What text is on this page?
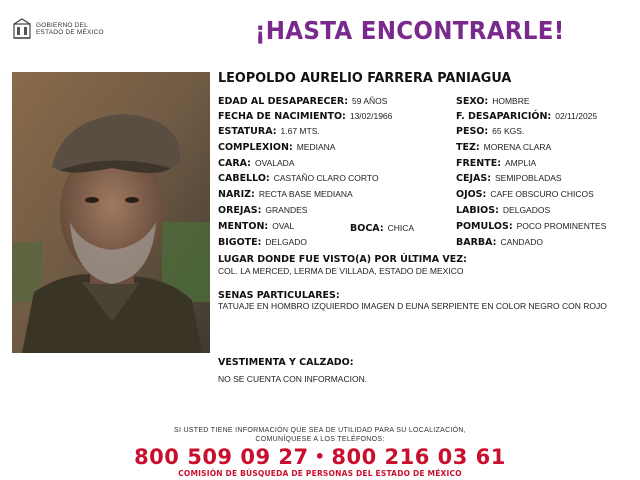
GOBIERNO DEL
ESTADO DE MÉXICO	¡HASTA ENCONTRARLE!
LEOPOLDO AURELIO FARRERA PANIAGUA
EDAD AL DESAPARECER: 59 AÑOS
FECHA DE NACIMIENTO: 13/02/1966
ESTATURA: 1.67 MTS.
COMPLEXION: MEDIANA
CARA: OVALADA
CABELLO: CASTAÑO CLARO CORTO
NARIZ: RECTA BASE MEDIANA
OREJAS: GRANDES
MENTON: OVAL	BOCA: CHICA
BIGOTE: DELGADO
SEXO: HOMBRE
F. DESAPARICIÓN: 02/11/2025
PESO: 65 KGS.
TEZ: MORENA CLARA
FRENTE: AMPLIA
CEJAS: SEMIPOBLADAS
OJOS: CAFE OBSCURO CHICOS
LABIOS: DELGADOS
POMULOS: POCO PROMINENTES
BARBA: CANDADO
LUGAR DONDE FUE VISTO(A) POR ÚLTIMA VEZ:
COL. LA MERCED, LERMA DE VILLADA, ESTADO DE MEXICO
SENAS PARTICULARES:
TATUAJE EN HOMBRO IZQUIERDO IMAGEN D EUNA SERPIENTE EN COLOR NEGRO CON ROJO
VESTIMENTA Y CALZADO:
NO SE CUENTA CON INFORMACION.
SI USTED TIENE INFORMACIÓN QUE SEA DE UTILIDAD PARA SU LOCALIZACIÓN,
COMUNÍQUESE A LOS TELÉFONOS:
800 509 09 27 • 800 216 03 61
COMISIÓN DE BÚSQUEDA DE PERSONAS DEL ESTADO DE MÉXICO
